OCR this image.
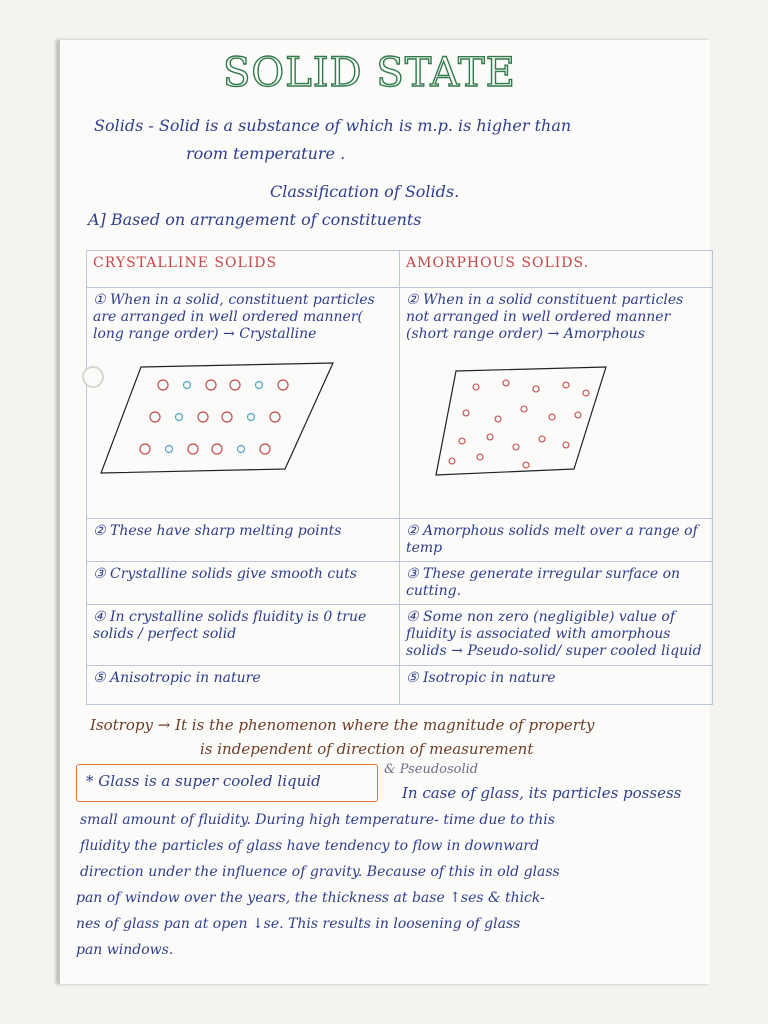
SOLID STATE
Solids - Solid is a substance of which is m.p. is higher than
room temperature .
Classification of Solids.
A] Based on arrangement of constituents
CRYSTALLINE SOLIDS	AMORPHOUS SOLIDS.

① When in a solid, constituent particles are arranged in well ordered manner( long range order) → Crystalline	② When in a solid constituent particles not arranged in well ordered manner (short range order) → Amorphous

② These have sharp melting points	② Amorphous solids melt over a range of temp
③ Crystalline solids give smooth cuts	③ These generate irregular surface on cutting.
④ In crystalline solids fluidity is 0 true solids / perfect solid	④ Some non zero (negligible) value of fluidity is associated with amorphous solids → Pseudo-solid/ super cooled liquid
⑤ Anisotropic in nature	⑤ Isotropic in nature
Isotropy → It is the phenomenon where the magnitude of property
is independent of direction of measurement
* Glass is a super cooled liquid
& Pseudosolid
In case of glass, its particles possess
small amount of fluidity. During high temperature- time due to this
fluidity the particles of glass have tendency to flow in downward
direction under the influence of gravity. Because of this in old glass
pan of window over the years, the thickness at base ↑ses & thick-
nes of glass pan at open ↓se. This results in loosening of glass
pan windows.
